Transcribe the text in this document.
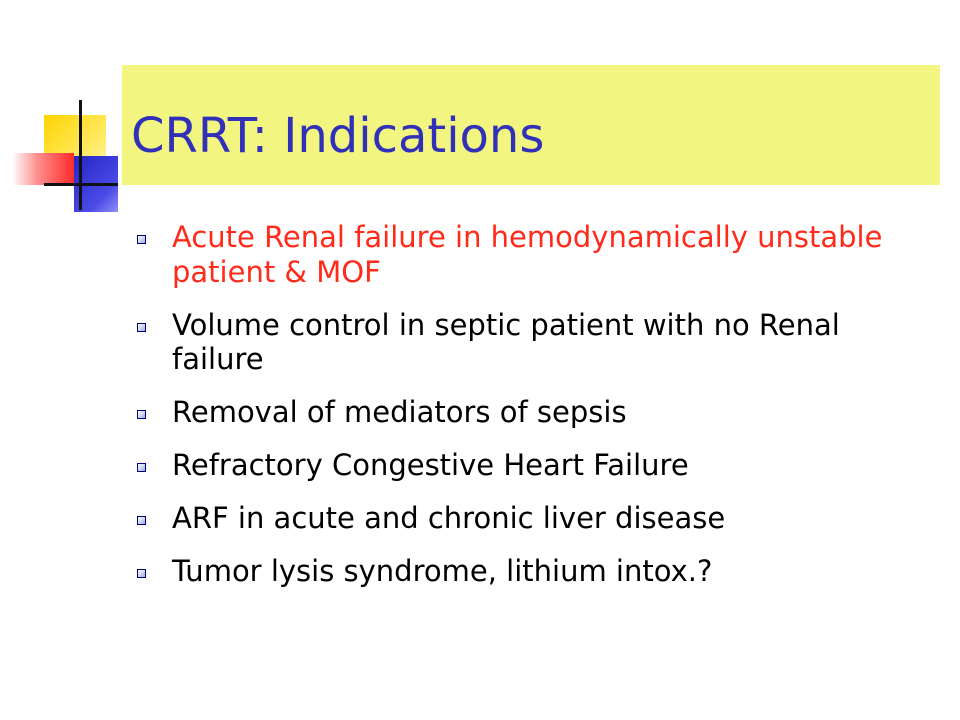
CRRT: Indications
Acute Renal failure in hemodynamically unstable patient & MOF
Volume control in septic patient with no Renal failure
Removal of mediators of sepsis
Refractory Congestive Heart Failure
ARF in acute and chronic liver disease
Tumor lysis syndrome, lithium intox.?
